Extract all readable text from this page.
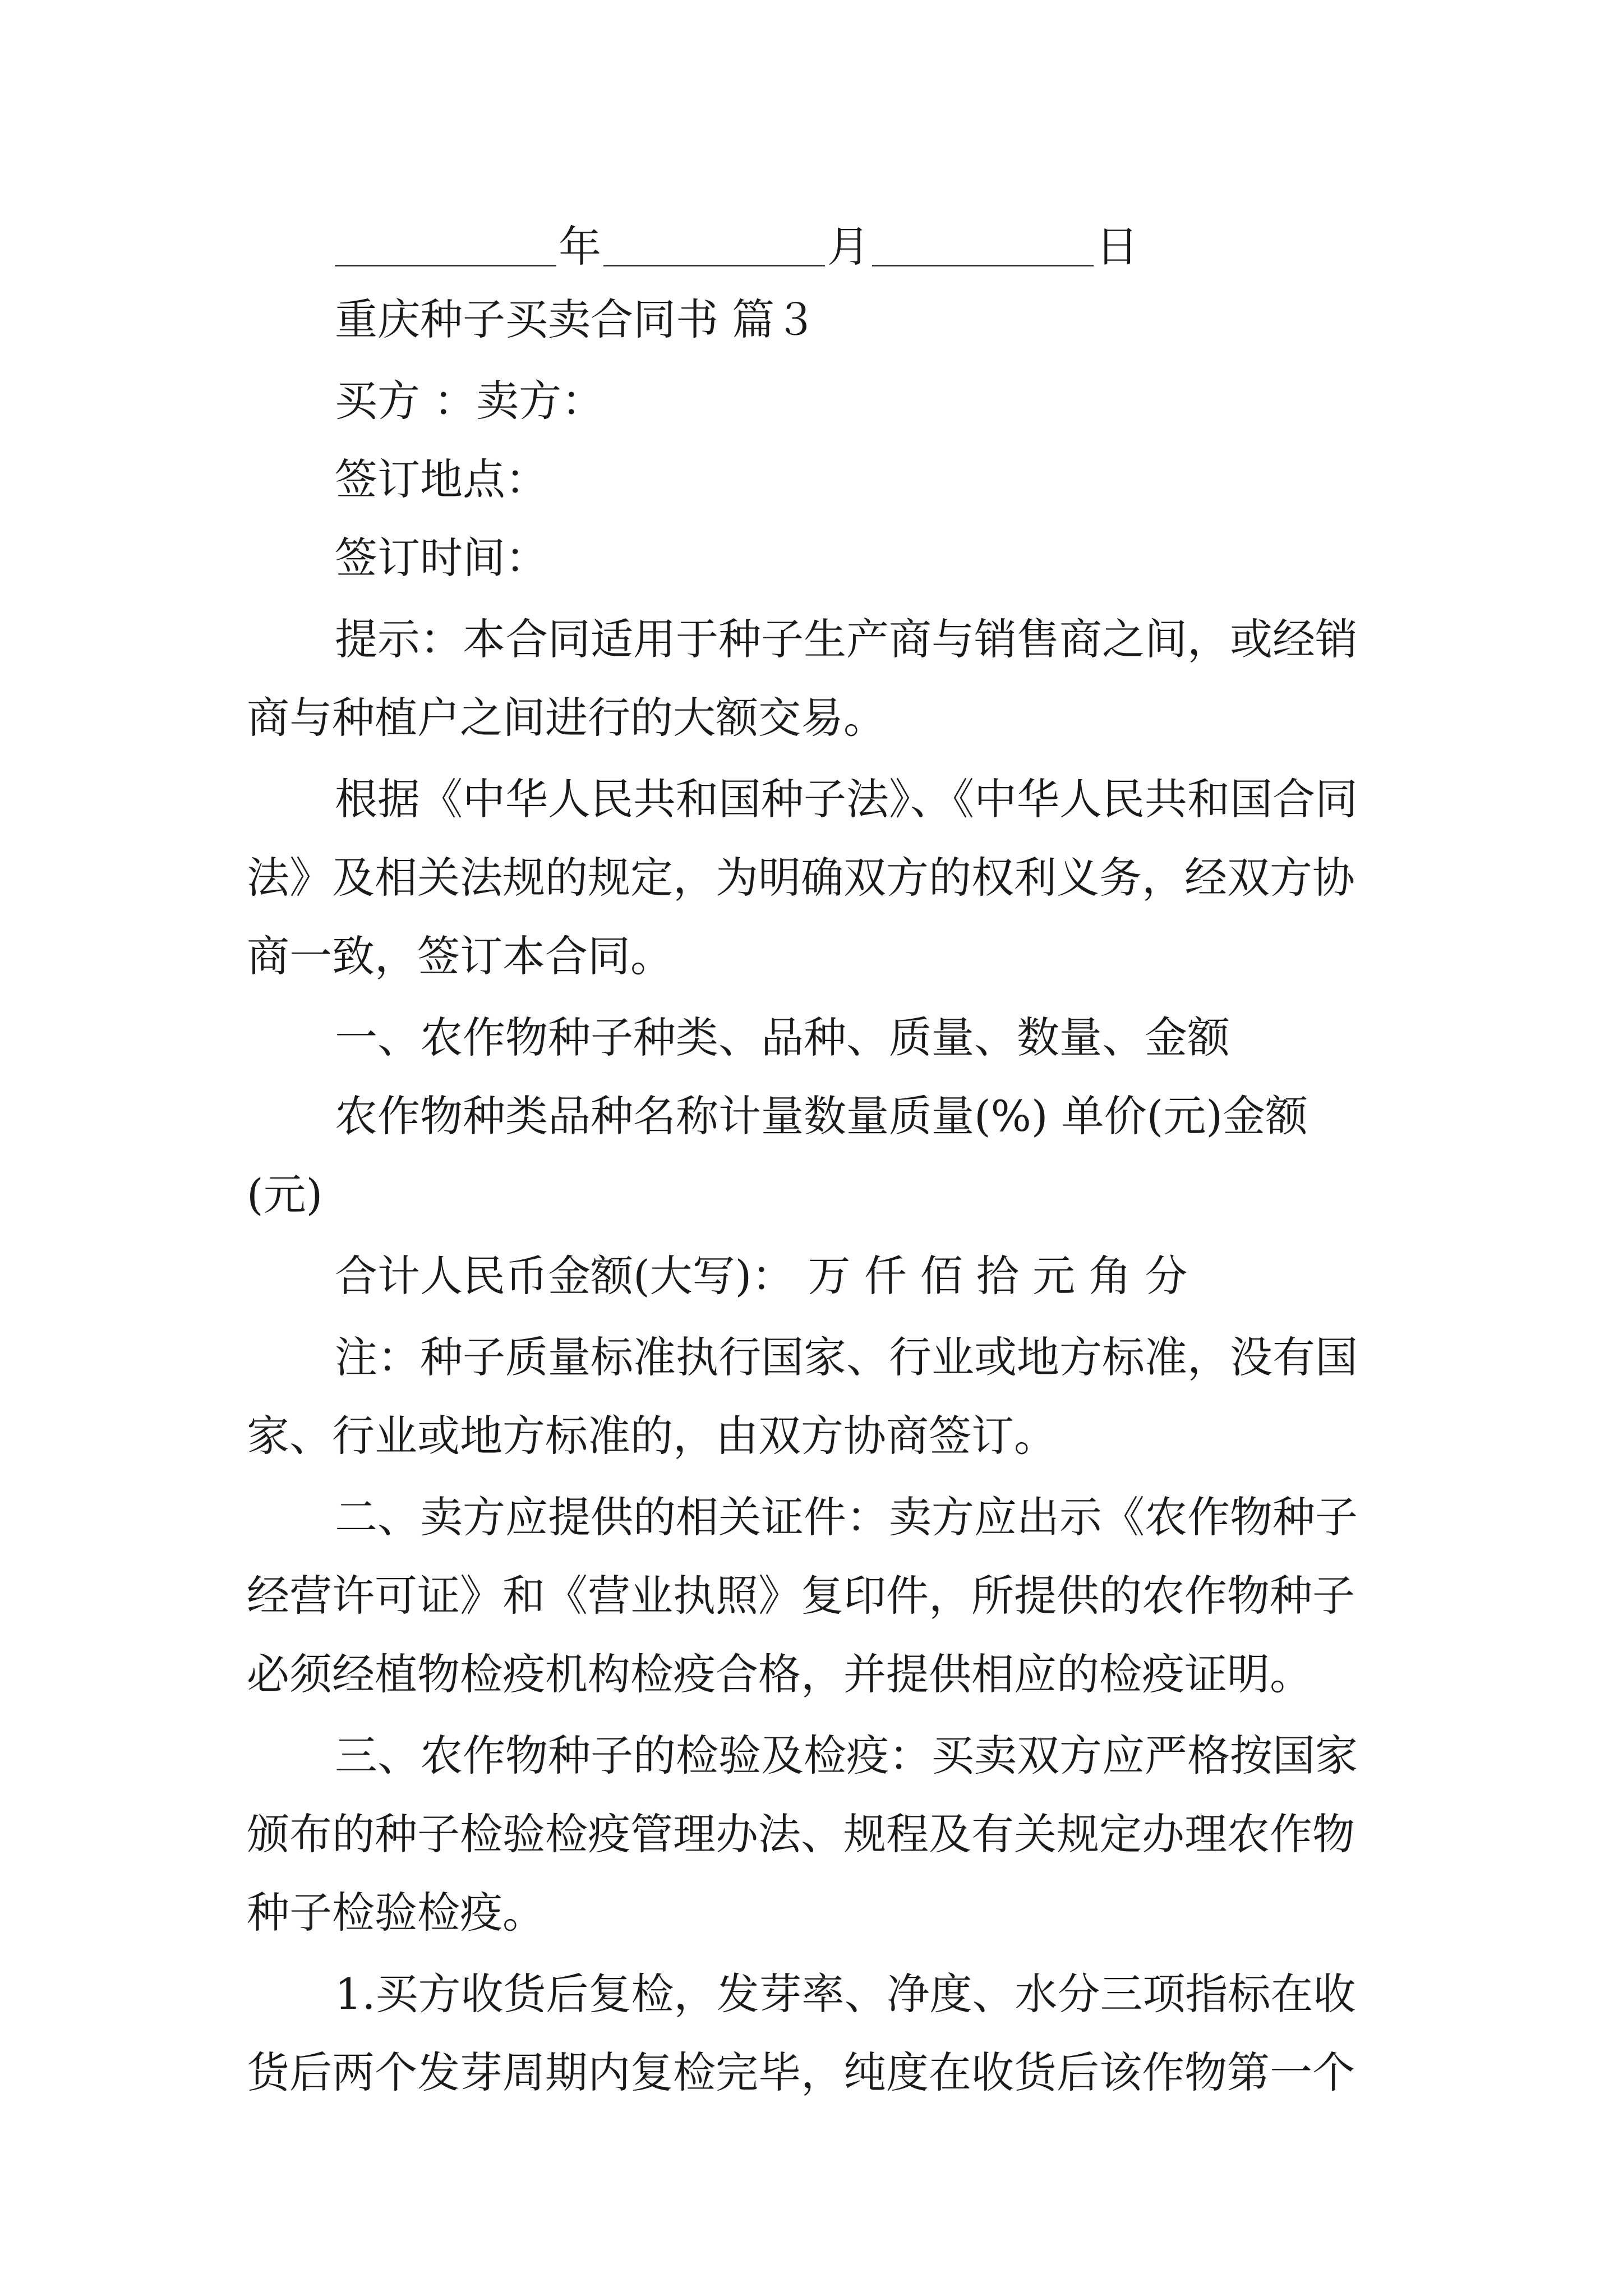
年	月	日
重庆种子买卖合同书 篇３
买方 ：卖方：
签订地点：
签订时间：
提示：本合同适用于种子生产商与销售商之间，或经销
商与种植户之间进行的大额交易。
根据《中华人民共和国种子法》、《中华人民共和国合同
法》及相关法规的规定，为明确双方的权利义务，经双方协
商一致，签订本合同。
一、农作物种子种类、品种、质量、数量、金额
农作物种类品种名称计量数量质量(%) 单价(元)金额
(元)
合计人民币金额(大写)： 万 仟 佰 拾 元 角 分
注：种子质量标准执行国家、行业或地方标准，没有国
家、行业或地方标准的，由双方协商签订。
二、卖方应提供的相关证件：卖方应出示《农作物种子
经营许可证》和《营业执照》复印件，所提供的农作物种子
必须经植物检疫机构检疫合格，并提供相应的检疫证明。
三、农作物种子的检验及检疫：买卖双方应严格按国家
颁布的种子检验检疫管理办法、规程及有关规定办理农作物
种子检验检疫。
1.买方收货后复检，发芽率、净度、水分三项指标在收
货后两个发芽周期内复检完毕，纯度在收货后该作物第一个
